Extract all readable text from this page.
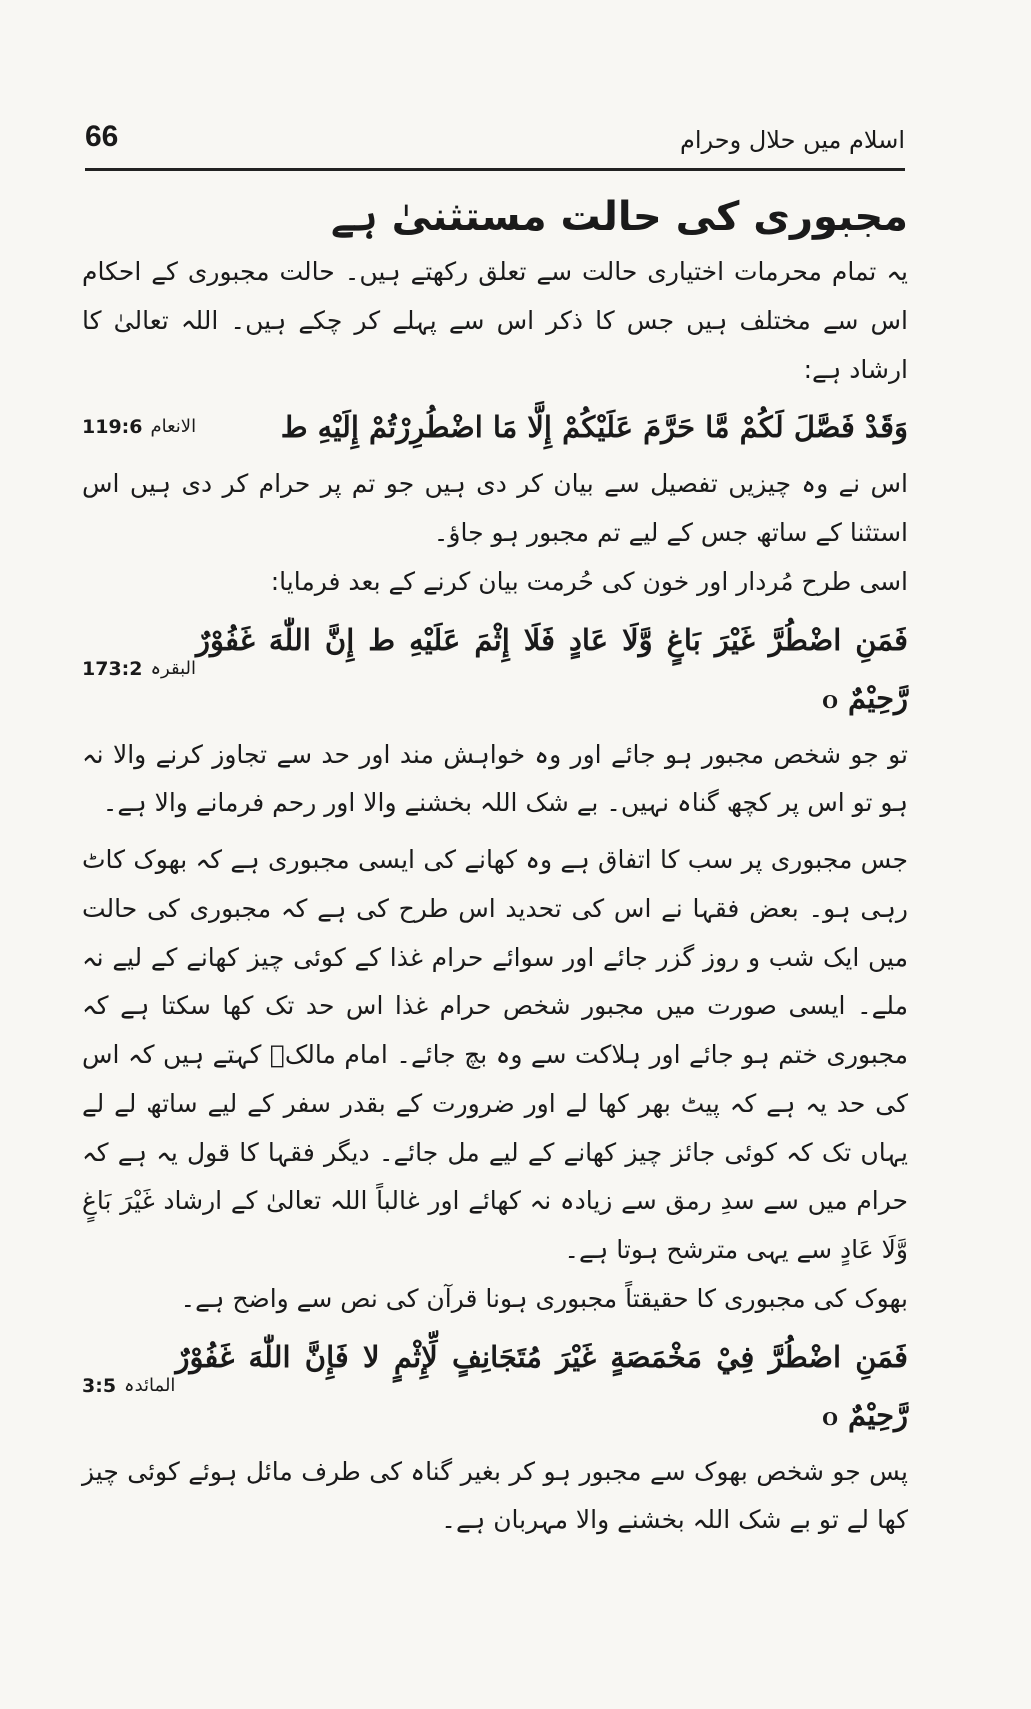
66	اسلام میں حلال وحرام
مجبوری کی حالت مستثنیٰ ہے

یہ تمام محرمات اختیاری حالت سے تعلق رکھتے ہیں۔ حالت مجبوری کے احکام اس سے مختلف ہیں جس کا ذکر اس سے پہلے کر چکے ہیں۔ اللہ تعالیٰ کا ارشاد ہے:

وَقَدْ فَصَّلَ لَكُمْ مَّا حَرَّمَ عَلَيْكُمْ إِلَّا مَا اضْطُرِرْتُمْ إِلَيْهِ ط
119:6 الانعام

اس نے وہ چیزیں تفصیل سے بیان کر دی ہیں جو تم پر حرام کر دی ہیں اس استثنا کے ساتھ جس کے لیے تم مجبور ہو جاؤ۔

اسی طرح مُردار اور خون کی حُرمت بیان کرنے کے بعد فرمایا:

فَمَنِ اضْطُرَّ غَيْرَ بَاغٍ وَّلَا عَادٍ فَلَا إِثْمَ عَلَيْهِ ط إِنَّ اللّٰهَ غَفُوْرٌ رَّحِيْمٌ O
173:2 البقرہ

تو جو شخص مجبور ہو جائے اور وہ خواہش مند اور حد سے تجاوز کرنے والا نہ ہو تو اس پر کچھ گناہ نہیں۔ بے شک اللہ بخشنے والا اور رحم فرمانے والا ہے۔

جس مجبوری پر سب کا اتفاق ہے وہ کھانے کی ایسی مجبوری ہے کہ بھوک کاٹ رہی ہو۔ بعض فقہا نے اس کی تحدید اس طرح کی ہے کہ مجبوری کی حالت میں ایک شب و روز گزر جائے اور سوائے حرام غذا کے کوئی چیز کھانے کے لیے نہ ملے۔ ایسی صورت میں مجبور شخص حرام غذا اس حد تک کھا سکتا ہے کہ مجبوری ختم ہو جائے اور ہلاکت سے وہ بچ جائے۔ امام مالکؒ کہتے ہیں کہ اس کی حد یہ ہے کہ پیٹ بھر کھا لے اور ضرورت کے بقدر سفر کے لیے ساتھ لے لے یہاں تک کہ کوئی جائز چیز کھانے کے لیے مل جائے۔ دیگر فقہا کا قول یہ ہے کہ حرام میں سے سدِ رمق سے زیادہ نہ کھائے اور غالباً اللہ تعالیٰ کے ارشاد غَيْرَ بَاغٍ وَّلَا عَادٍ سے یہی مترشح ہوتا ہے۔

بھوک کی مجبوری کا حقیقتاً مجبوری ہونا قرآن کی نص سے واضح ہے۔

فَمَنِ اضْطُرَّ فِيْ مَخْمَصَةٍ غَيْرَ مُتَجَانِفٍ لِّإِثْمٍ لا فَإِنَّ اللّٰهَ غَفُوْرٌ رَّحِيْمٌ O
3:5 المائدہ

پس جو شخص بھوک سے مجبور ہو کر بغیر گناہ کی طرف مائل ہوئے کوئی چیز کھا لے تو بے شک اللہ بخشنے والا مہربان ہے۔
